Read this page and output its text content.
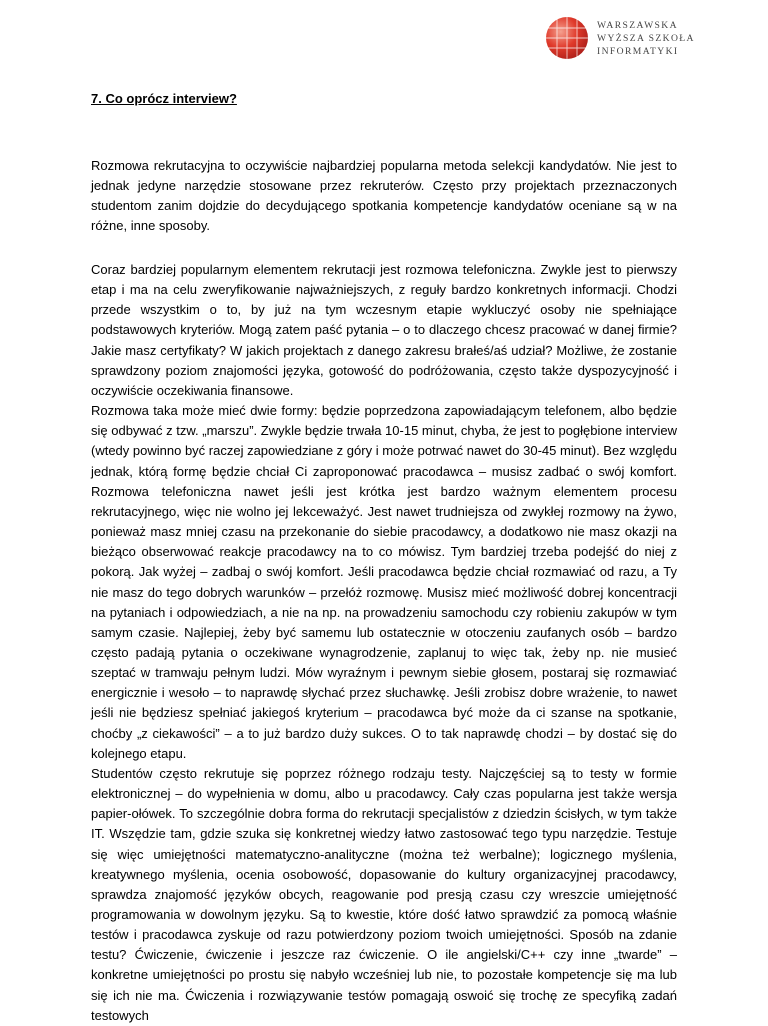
WARSZAWSKA
WYŻSZA SZKOŁA
INFORMATYKI
7. Co oprócz interview?

Rozmowa rekrutacyjna to oczywiście najbardziej popularna metoda selekcji kandydatów. Nie jest to jednak jedyne narzędzie stosowane przez rekruterów. Często przy projektach przeznaczonych studentom zanim dojdzie do decydującego spotkania kompetencje kandydatów oceniane są w na różne, inne sposoby.

Coraz bardziej popularnym elementem rekrutacji jest rozmowa telefoniczna. Zwykle jest to pierwszy etap i ma na celu zweryfikowanie najważniejszych, z reguły bardzo konkretnych informacji. Chodzi przede wszystkim o to, by już na tym wczesnym etapie wykluczyć osoby nie spełniające podstawowych kryteriów. Mogą zatem paść pytania – o to dlaczego chcesz pracować w danej firmie? Jakie masz certyfikaty? W jakich projektach z danego zakresu brałeś/aś udział? Możliwe, że zostanie sprawdzony poziom znajomości języka, gotowość do podróżowania, często także dyspozycyjność i oczywiście oczekiwania finansowe.

Rozmowa taka może mieć dwie formy: będzie poprzedzona zapowiadającym telefonem, albo będzie się odbywać z tzw. „marszu”. Zwykle będzie trwała 10-15 minut, chyba, że jest to pogłębione interview (wtedy powinno być raczej zapowiedziane z góry i może potrwać nawet do 30-45 minut). Bez względu jednak, którą formę będzie chciał Ci zaproponować pracodawca – musisz zadbać o swój komfort. Rozmowa telefoniczna nawet jeśli jest krótka jest bardzo ważnym elementem procesu rekrutacyjnego, więc nie wolno jej lekceważyć. Jest nawet trudniejsza od zwykłej rozmowy na żywo, ponieważ masz mniej czasu na przekonanie do siebie pracodawcy, a dodatkowo nie masz okazji na bieżąco obserwować reakcje pracodawcy na to co mówisz. Tym bardziej trzeba podejść do niej z pokorą. Jak wyżej – zadbaj o swój komfort. Jeśli pracodawca będzie chciał rozmawiać od razu, a Ty nie masz do tego dobrych warunków – przełóż rozmowę. Musisz mieć możliwość dobrej koncentracji na pytaniach i odpowiedziach, a nie na np. na prowadzeniu samochodu czy robieniu zakupów w tym samym czasie. Najlepiej, żeby być samemu lub ostatecznie w otoczeniu zaufanych osób – bardzo często padają pytania o oczekiwane wynagrodzenie, zaplanuj to więc tak, żeby np. nie musieć szeptać w tramwaju pełnym ludzi. Mów wyraźnym i pewnym siebie głosem, postaraj się rozmawiać energicznie i wesoło – to naprawdę słychać przez słuchawkę. Jeśli zrobisz dobre wrażenie, to nawet jeśli nie będziesz spełniać jakiegoś kryterium – pracodawca być może da ci szanse na spotkanie, choćby „z ciekawości” – a to już bardzo duży sukces. O to tak naprawdę chodzi – by dostać się do kolejnego etapu.

Studentów często rekrutuje się poprzez różnego rodzaju testy. Najczęściej są to testy w formie elektronicznej – do wypełnienia w domu, albo u pracodawcy. Cały czas popularna jest także wersja papier-ołówek. To szczególnie dobra forma do rekrutacji specjalistów z dziedzin ścisłych, w tym także IT. Wszędzie tam, gdzie szuka się konkretnej wiedzy łatwo zastosować tego typu narzędzie. Testuje się więc umiejętności matematyczno-analityczne (można też werbalne); logicznego myślenia, kreatywnego myślenia, ocenia osobowość, dopasowanie do kultury organizacyjnej pracodawcy, sprawdza znajomość języków obcych, reagowanie pod presją czasu czy wreszcie umiejętność programowania w dowolnym języku. Są to kwestie, które dość łatwo sprawdzić za pomocą właśnie testów i pracodawca zyskuje od razu potwierdzony poziom twoich umiejętności. Sposób na zdanie testu? Ćwiczenie, ćwiczenie i jeszcze raz ćwiczenie. O ile angielski/C++ czy inne „twarde” – konkretne umiejętności po prostu się nabyło wcześniej lub nie, to pozostałe kompetencje się ma lub się ich nie ma. Ćwiczenia i rozwiązywanie testów pomagają oswoić się trochę ze specyfiką zadań testowych
